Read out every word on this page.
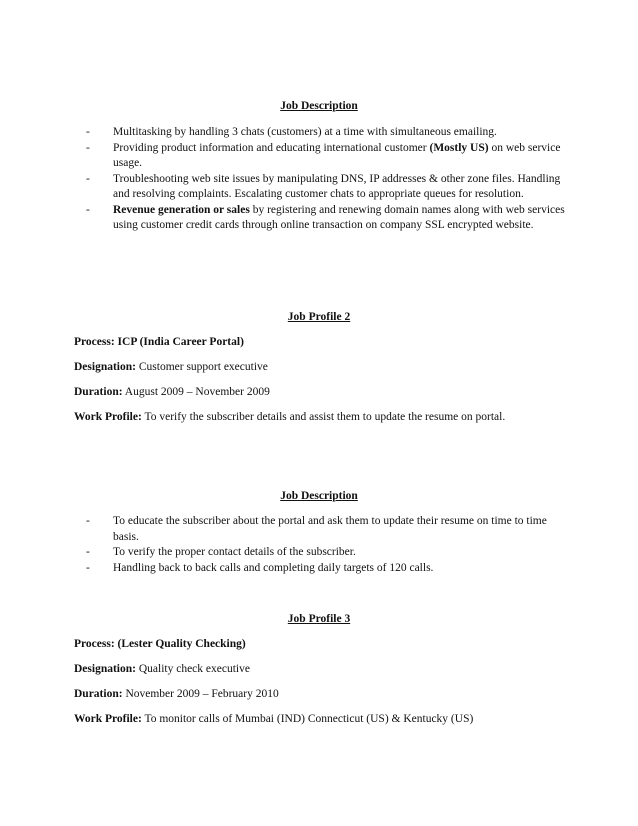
Job Description
- Multitasking by handling 3 chats (customers) at a time with simultaneous emailing.
- Providing product information and educating international customer (Mostly US) on web service usage.
- Troubleshooting web site issues by manipulating DNS, IP addresses & other zone files. Handling and resolving complaints. Escalating customer chats to appropriate queues for resolution.
- Revenue generation or sales by registering and renewing domain names along with web services using customer credit cards through online transaction on company SSL encrypted website.
Job Profile 2
Process: ICP (India Career Portal)
Designation: Customer support executive
Duration: August 2009 – November 2009
Work Profile: To verify the subscriber details and assist them to update the resume on portal.
Job Description
- To educate the subscriber about the portal and ask them to update their resume on time to time basis.
- To verify the proper contact details of the subscriber.
- Handling back to back calls and completing daily targets of 120 calls.
Job Profile 3
Process: (Lester Quality Checking)
Designation: Quality check executive
Duration: November 2009 – February 2010
Work Profile: To monitor calls of Mumbai (IND) Connecticut (US) & Kentucky (US)
